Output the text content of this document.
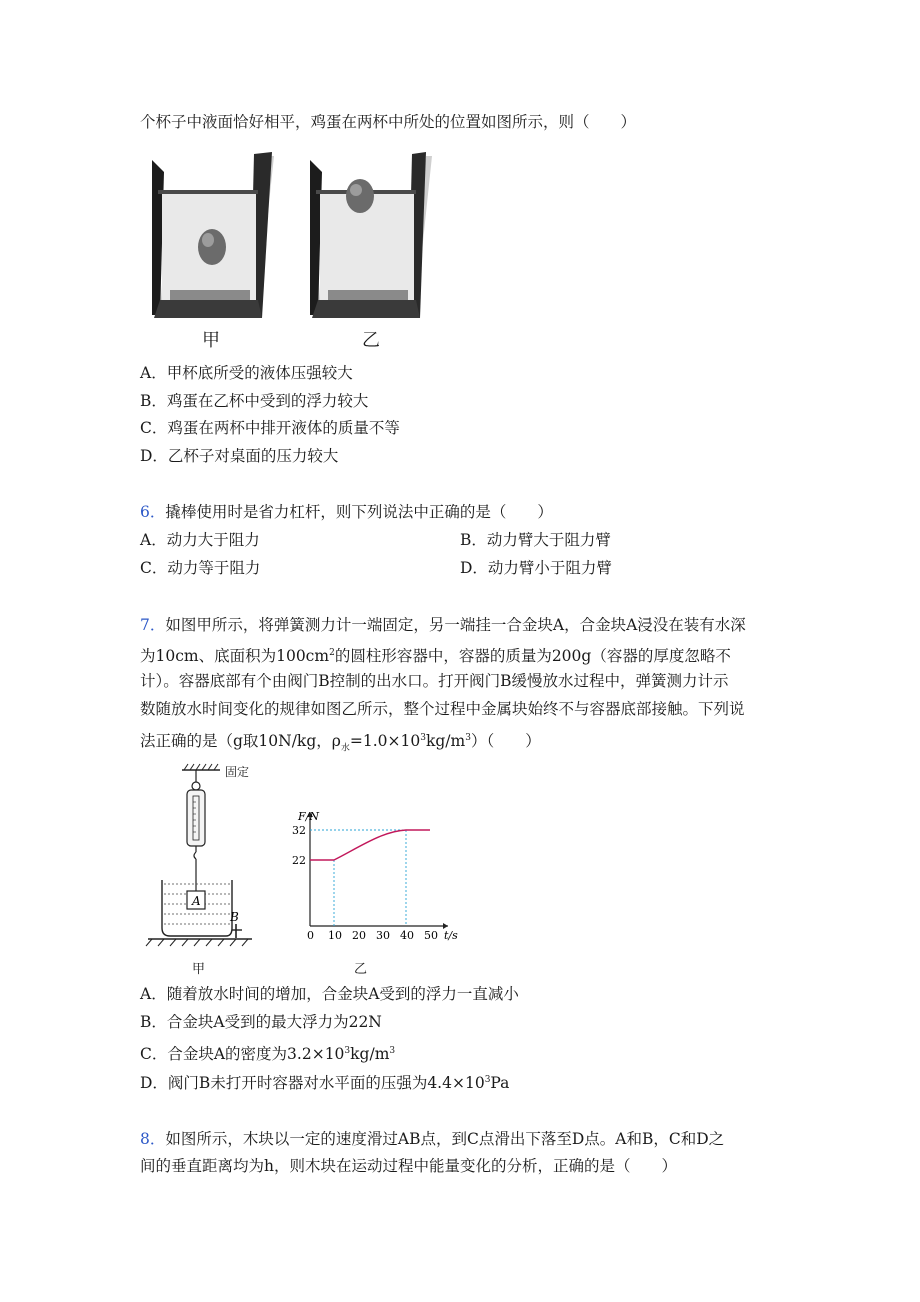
个杯子中液面恰好相平，鸡蛋在两杯中所处的位置如图所示，则（　　）
甲	乙
A．甲杯底所受的液体压强较大
B．鸡蛋在乙杯中受到的浮力较大
C．鸡蛋在两杯中排开液体的质量不等
D．乙杯子对桌面的压力较大
6．撬棒使用时是省力杠杆，则下列说法中正确的是（　　）
A．动力大于阻力	B．动力臂大于阻力臂
C．动力等于阻力	D．动力臂小于阻力臂
7．如图甲所示，将弹簧测力计一端固定，另一端挂一合金块A，合金块A浸没在装有水深
为10cm、底面积为$100cm^2$的圆柱形容器中，容器的质量为200g（容器的厚度忽略不
计）。容器底部有个由阀门B控制的出水口。打开阀门B缓慢放水过程中，弹簧测力计示
数随放水时间变化的规律如图乙所示，整个过程中金属块始终不与容器底部接触。下列说
法正确的是（g取10N/kg，$\rho_水=1.0\times 10^3kg/m^3$）（　　）
A
B
固定
甲
F/N
t/s
0 10 20 30 40 50
22
32
乙
A．随着放水时间的增加，合金块A受到的浮力一直减小
B．合金块A受到的最大浮力为22N
C．合金块A的密度为$3.2\times 10^3kg/m^3$
D．阀门B未打开时容器对水平面的压强为$4.4\times 10^3Pa$
8．如图所示，木块以一定的速度滑过AB点，到C点滑出下落至D点。A和B，C和D之
间的垂直距离均为h，则木块在运动过程中能量变化的分析，正确的是（　　）
